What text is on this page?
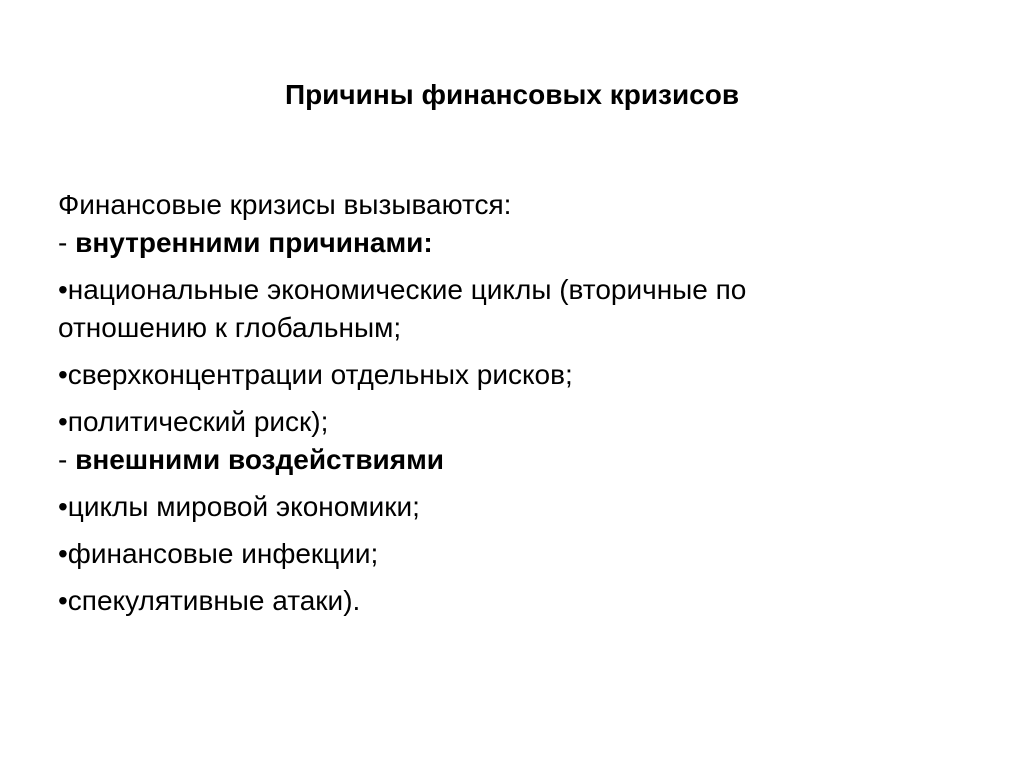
Причины финансовых кризисов
Финансовые кризисы вызываются:
- внутренними причинами:
•национальные экономические циклы (вторичные по
отношению к глобальным;
•сверхконцентрации отдельных рисков;
•политический риск);
- внешними воздействиями
•циклы мировой экономики;
•финансовые инфекции;
•спекулятивные атаки).
